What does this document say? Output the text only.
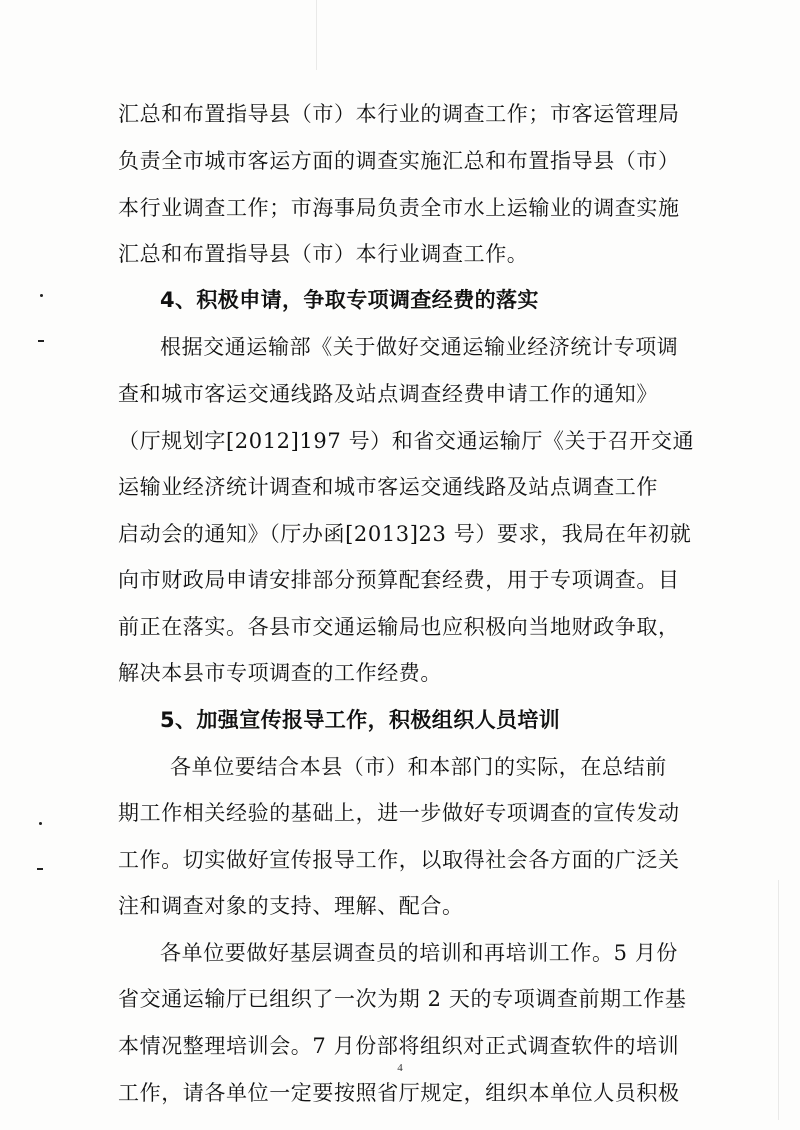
汇总和布置指导县（市）本行业的调查工作；市客运管理局
负责全市城市客运方面的调查实施汇总和布置指导县（市）
本行业调查工作；市海事局负责全市水上运输业的调查实施
汇总和布置指导县（市）本行业调查工作。
4、积极申请，争取专项调查经费的落实
根据交通运输部《关于做好交通运输业经济统计专项调
查和城市客运交通线路及站点调查经费申请工作的通知》
（厅规划字[2012]197 号）和省交通运输厅《关于召开交通
运输业经济统计调查和城市客运交通线路及站点调查工作
启动会的通知》（厅办函[2013]23 号）要求，我局在年初就
向市财政局申请安排部分预算配套经费，用于专项调查。目
前正在落实。各县市交通运输局也应积极向当地财政争取，
解决本县市专项调查的工作经费。
5、加强宣传报导工作，积极组织人员培训
各单位要结合本县（市）和本部门的实际，在总结前
期工作相关经验的基础上，进一步做好专项调查的宣传发动
工作。切实做好宣传报导工作，以取得社会各方面的广泛关
注和调查对象的支持、理解、配合。
各单位要做好基层调查员的培训和再培训工作。5 月份
省交通运输厅已组织了一次为期 2 天的专项调查前期工作基
本情况整理培训会。7 月份部将组织对正式调查软件的培训
工作，请各单位一定要按照省厅规定，组织本单位人员积极
4
